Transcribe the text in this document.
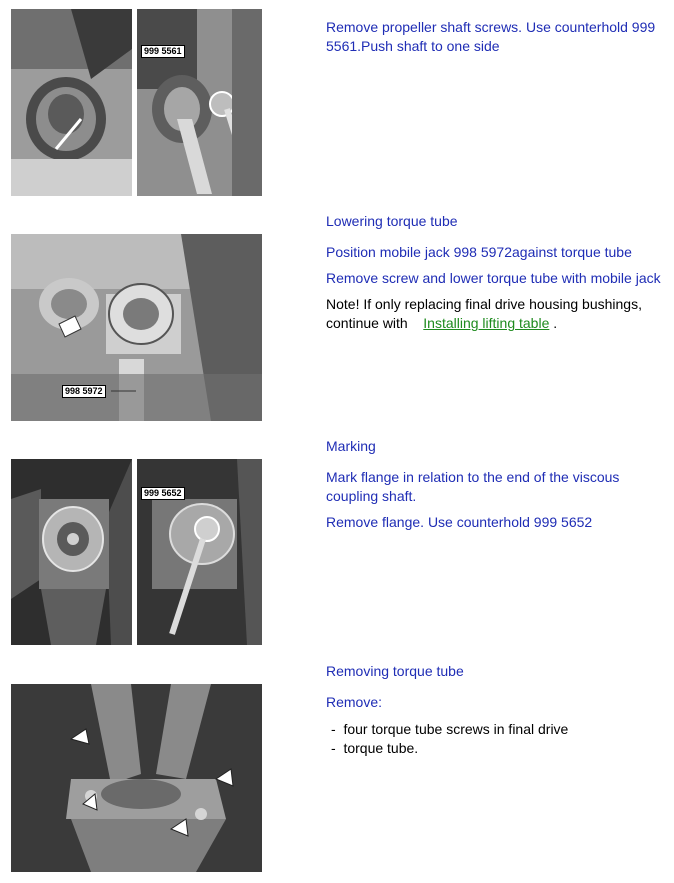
999 5561

Remove propeller shaft screws. Use counterhold 999 5561.Push shaft to one side

998 5972

Lowering torque tube

Position mobile jack 998 5972against torque tube

Remove screw and lower torque tube with mobile jack

Note! If only replacing final drive housing bushings, continue with Installing lifting table .

999 5652

Marking

Mark flange in relation to the end of the viscous coupling shaft.

Remove flange. Use counterhold 999 5652

Removing torque tube

Remove:

-  four torque tube screws in final drive
-  torque tube.
